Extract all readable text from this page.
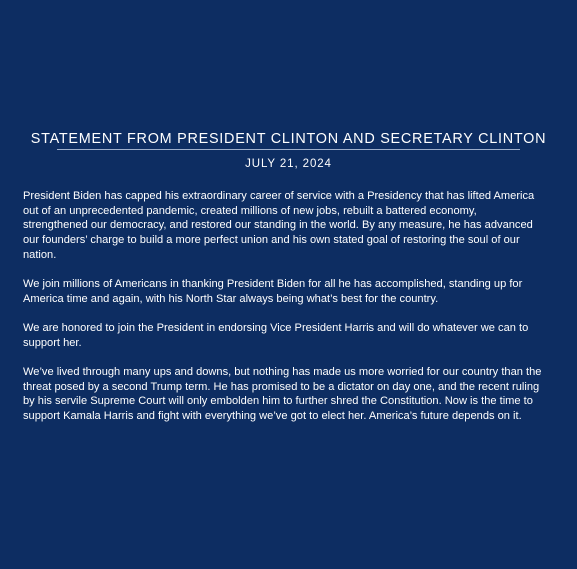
STATEMENT FROM PRESIDENT CLINTON AND SECRETARY CLINTON
JULY 21, 2024

President Biden has capped his extraordinary career of service with a Presidency that has lifted America
out of an unprecedented pandemic, created millions of new jobs, rebuilt a battered economy,
strengthened our democracy, and restored our standing in the world. By any measure, he has advanced
our founders’ charge to build a more perfect union and his own stated goal of restoring the soul of our
nation.

We join millions of Americans in thanking President Biden for all he has accomplished, standing up for
America time and again, with his North Star always being what’s best for the country.

We are honored to join the President in endorsing Vice President Harris and will do whatever we can to
support her.

We’ve lived through many ups and downs, but nothing has made us more worried for our country than the
threat posed by a second Trump term. He has promised to be a dictator on day one, and the recent ruling
by his servile Supreme Court will only embolden him to further shred the Constitution. Now is the time to
support Kamala Harris and fight with everything we’ve got to elect her. America’s future depends on it.
